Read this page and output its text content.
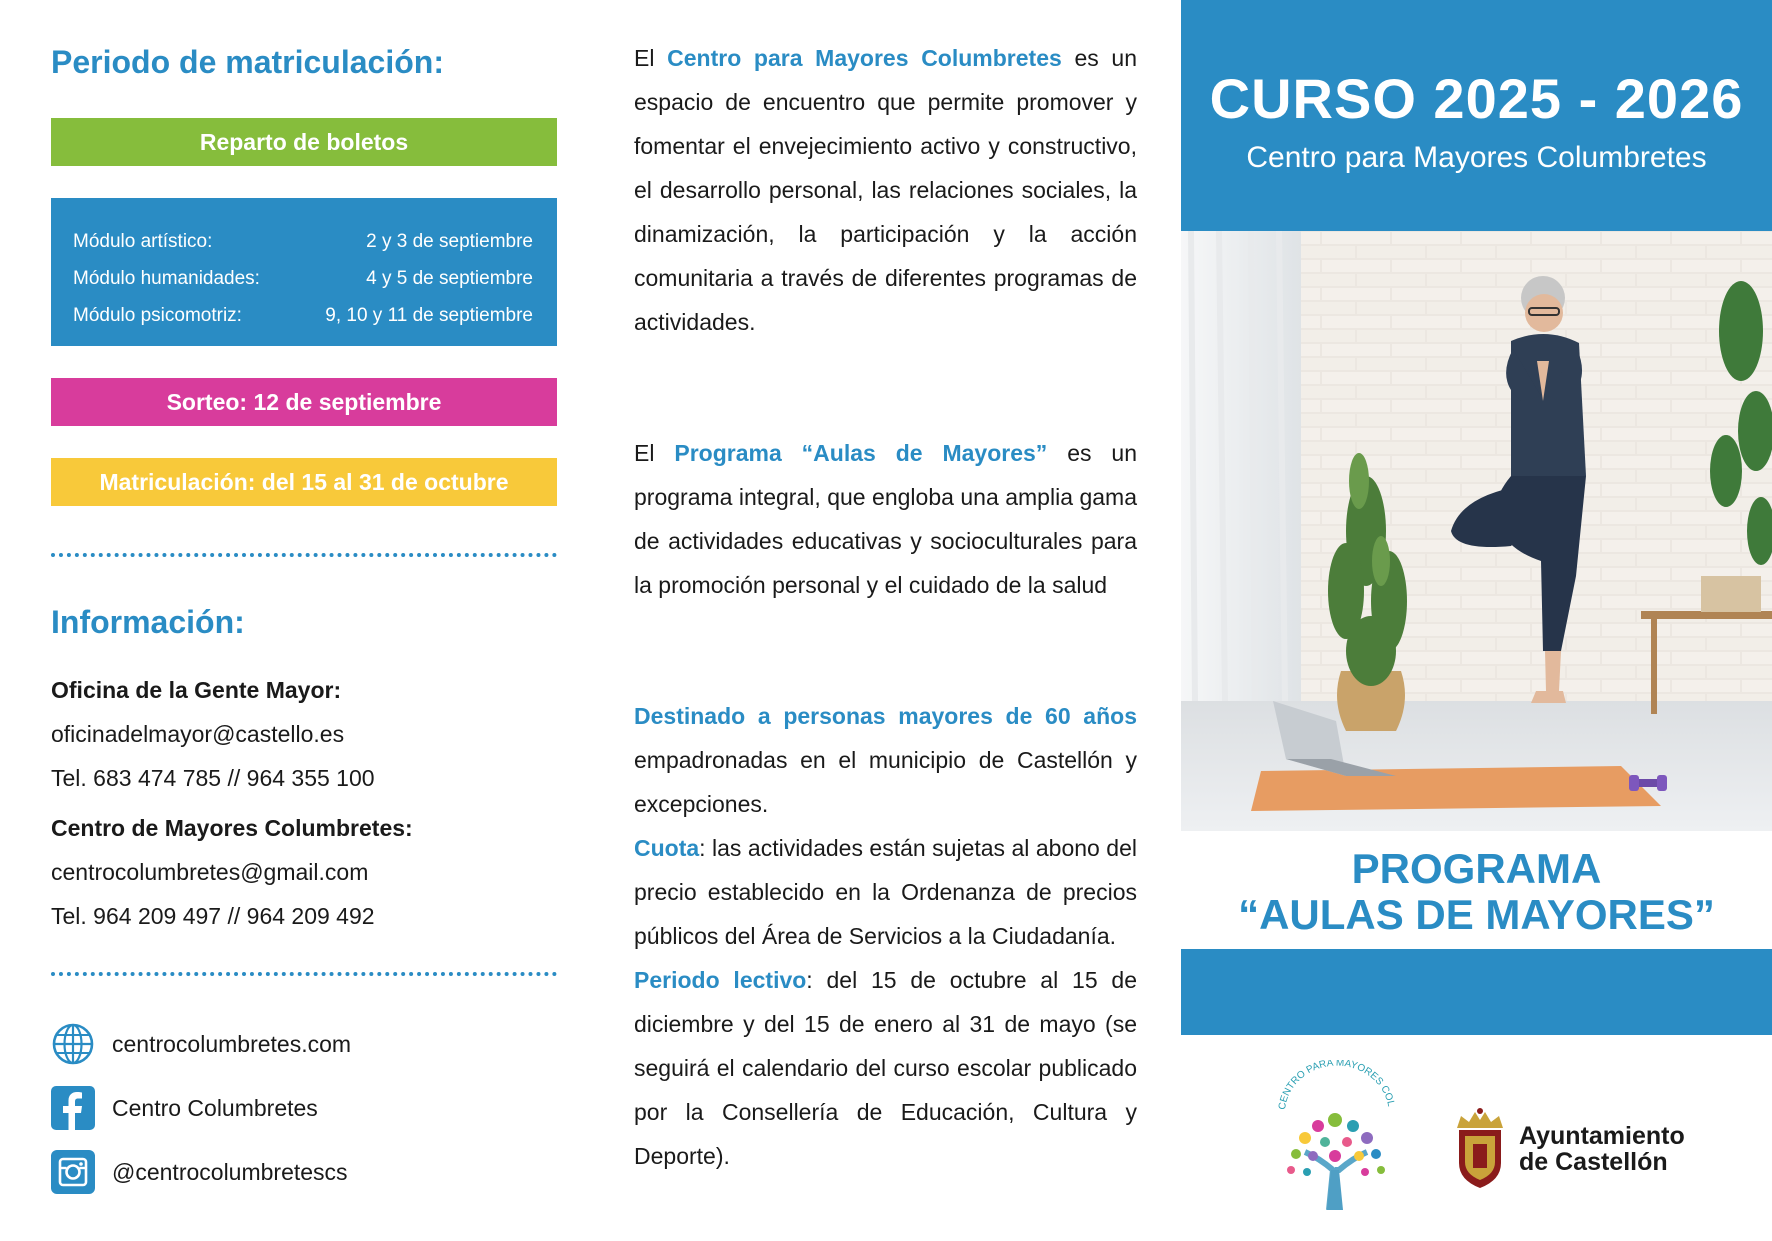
Periodo de matriculación:
Reparto de boletos
Módulo artístico:	2 y 3 de septiembre
Módulo humanidades:	4 y 5 de septiembre
Módulo psicomotriz:	9, 10 y 11 de septiembre
Sorteo: 12 de septiembre
Matriculación: del 15 al 31 de octubre
Información:
Oficina de la Gente Mayor:
oficinadelmayor@castello.es
Tel. 683 474 785 // 964 355 100
Centro de Mayores Columbretes:
centrocolumbretes@gmail.com
Tel. 964 209 497 // 964 209 492
centrocolumbretes.com
Centro Columbretes
@centrocolumbretescs

El Centro para Mayores Columbretes es un espacio de encuentro que permite promover y fomentar el envejecimiento activo y constructivo, el desarrollo personal, las relaciones sociales, la dinamización, la participación y la acción comunitaria a través de diferentes programas de actividades.

El Programa “Aulas de Mayores” es un programa integral, que engloba una amplia gama de actividades educativas y socioculturales para la promoción personal y el cuidado de la salud

Destinado a personas mayores de 60 años empadronadas en el municipio de Castellón y excepciones.

Cuota: las actividades están sujetas al abono del precio establecido en la Ordenanza de precios públicos del Área de Servicios a la Ciudadanía.

Periodo lectivo: del 15 de octubre al 15 de diciembre y del 15 de enero al 31 de mayo (se seguirá el calendario del curso escolar publicado por la Consellería de Educación, Cultura y Deporte).

CURSO 2025 - 2026
Centro para Mayores Columbretes
PROGRAMA
“AULAS DE MAYORES”
CENTRO PARA MAYORES COL
Ayuntamiento
de Castellón
